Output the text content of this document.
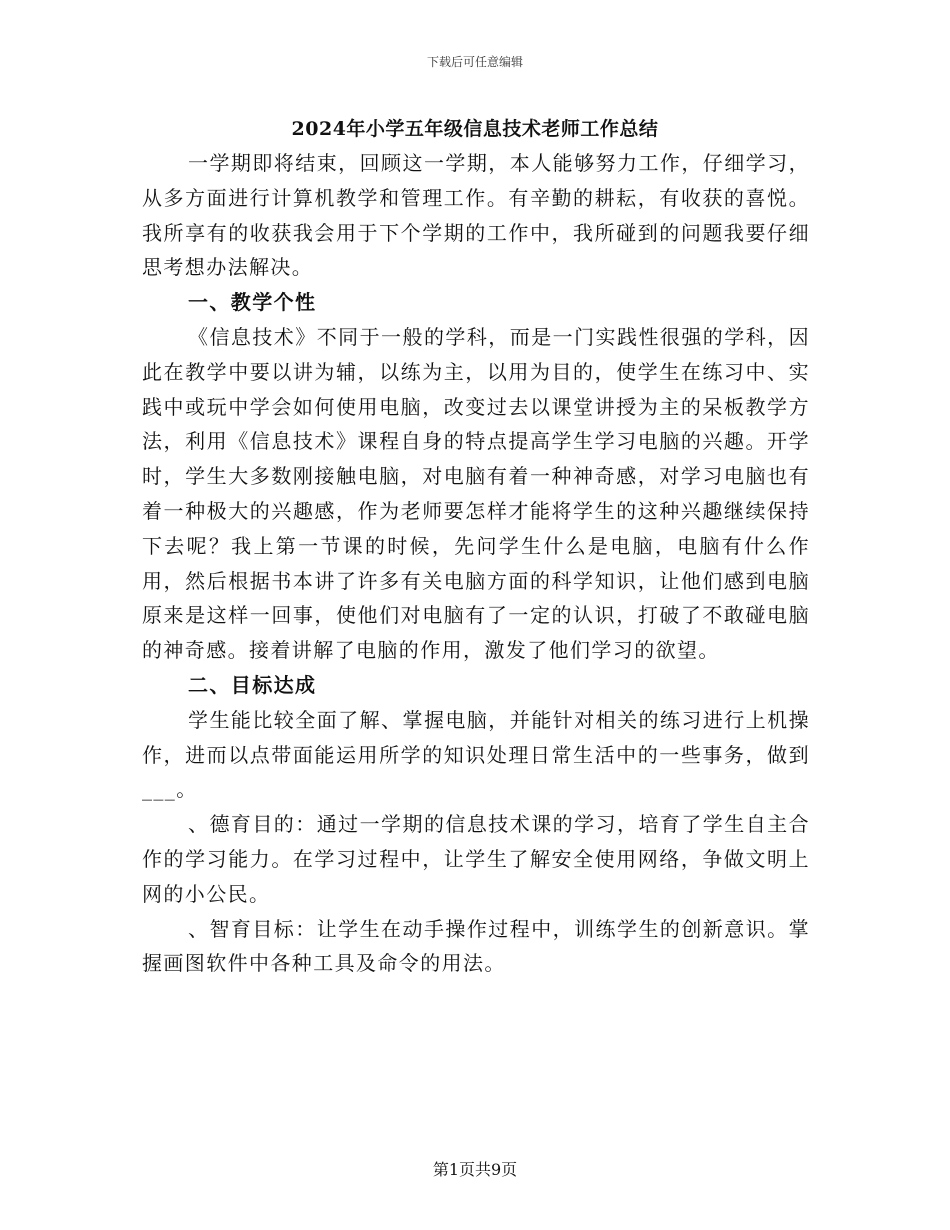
下载后可任意编辑
2024年小学五年级信息技术老师工作总结

一学期即将结束，回顾这一学期，本人能够努力工作，仔细学习，从多方面进行计算机教学和管理工作。有辛勤的耕耘，有收获的喜悦。我所享有的收获我会用于下个学期的工作中，我所碰到的问题我要仔细思考想办法解决。

一、教学个性

《信息技术》不同于一般的学科，而是一门实践性很强的学科，因此在教学中要以讲为辅，以练为主，以用为目的，使学生在练习中、实践中或玩中学会如何使用电脑，改变过去以课堂讲授为主的呆板教学方法，利用《信息技术》课程自身的特点提高学生学习电脑的兴趣。开学时，学生大多数刚接触电脑，对电脑有着一种神奇感，对学习电脑也有着一种极大的兴趣感，作为老师要怎样才能将学生的这种兴趣继续保持下去呢？我上第一节课的时候，先问学生什么是电脑，电脑有什么作用，然后根据书本讲了许多有关电脑方面的科学知识，让他们感到电脑原来是这样一回事，使他们对电脑有了一定的认识，打破了不敢碰电脑的神奇感。接着讲解了电脑的作用，激发了他们学习的欲望。

二、目标达成

学生能比较全面了解、掌握电脑，并能针对相关的练习进行上机操作，进而以点带面能运用所学的知识处理日常生活中的一些事务，做到___。

、德育目的：通过一学期的信息技术课的学习，培育了学生自主合作的学习能力。在学习过程中，让学生了解安全使用网络，争做文明上网的小公民。

、智育目标：让学生在动手操作过程中，训练学生的创新意识。掌握画图软件中各种工具及命令的用法。

第1页共9页
